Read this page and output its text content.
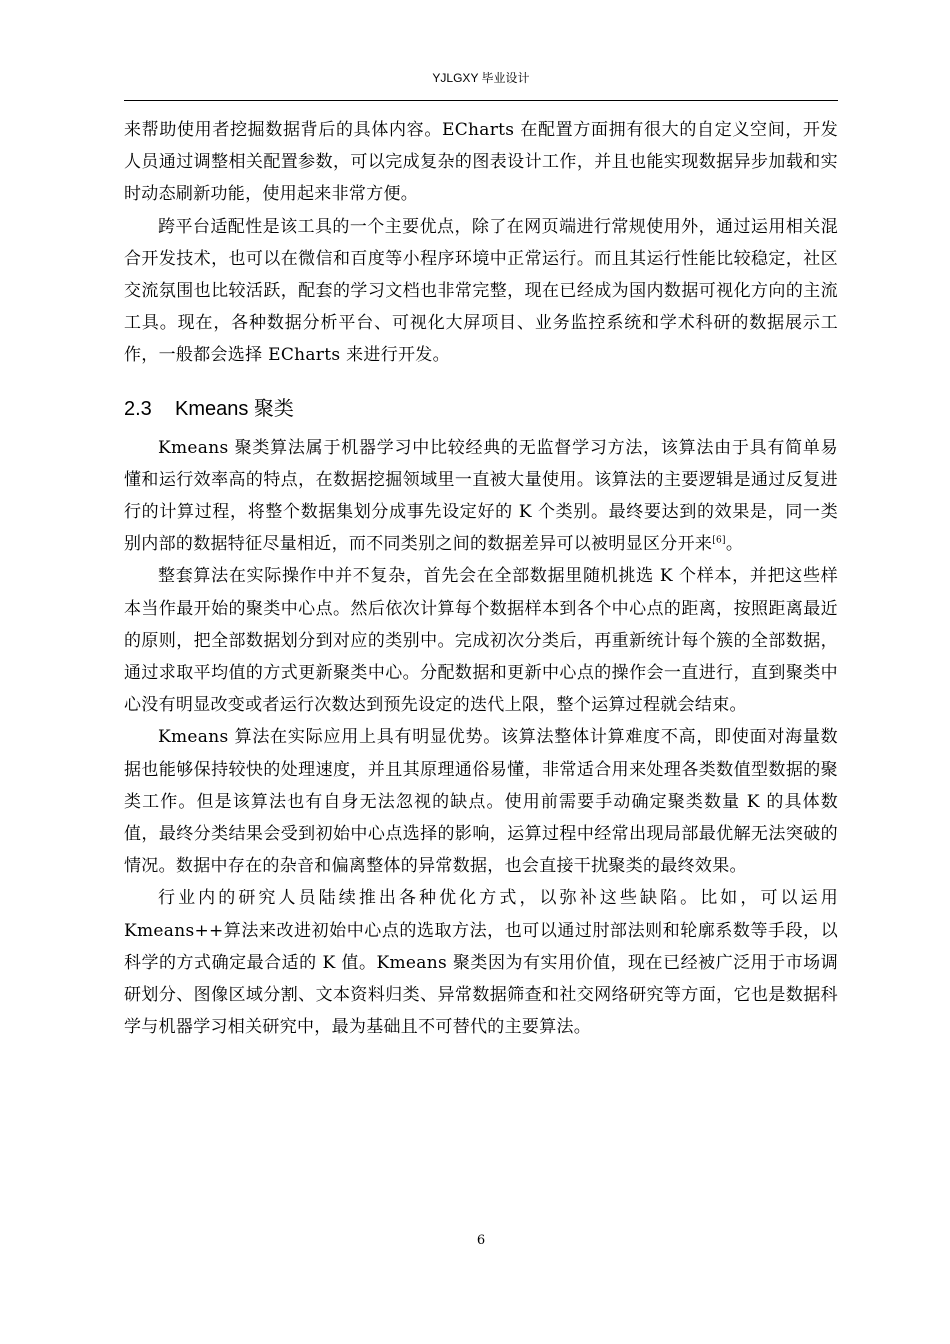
YJLGXY 毕业设计

来帮助使用者挖掘数据背后的具体内容。ECharts 在配置方面拥有很大的自定义空间，开发人员通过调整相关配置参数，可以完成复杂的图表设计工作，并且也能实现数据异步加载和实时动态刷新功能，使用起来非常方便。

跨平台适配性是该工具的一个主要优点，除了在网页端进行常规使用外，通过运用相关混合开发技术，也可以在微信和百度等小程序环境中正常运行。而且其运行性能比较稳定，社区交流氛围也比较活跃，配套的学习文档也非常完整，现在已经成为国内数据可视化方向的主流工具。现在，各种数据分析平台、可视化大屏项目、业务监控系统和学术科研的数据展示工作，一般都会选择 ECharts 来进行开发。

2.3 Kmeans 聚类

Kmeans 聚类算法属于机器学习中比较经典的无监督学习方法，该算法由于具有简单易懂和运行效率高的特点，在数据挖掘领域里一直被大量使用。该算法的主要逻辑是通过反复进行的计算过程，将整个数据集划分成事先设定好的 K 个类别。最终要达到的效果是，同一类别内部的数据特征尽量相近，而不同类别之间的数据差异可以被明显区分开来[6]。

整套算法在实际操作中并不复杂，首先会在全部数据里随机挑选 K 个样本，并把这些样本当作最开始的聚类中心点。然后依次计算每个数据样本到各个中心点的距离，按照距离最近的原则，把全部数据划分到对应的类别中。完成初次分类后，再重新统计每个簇的全部数据，通过求取平均值的方式更新聚类中心。分配数据和更新中心点的操作会一直进行，直到聚类中心没有明显改变或者运行次数达到预先设定的迭代上限，整个运算过程就会结束。

Kmeans 算法在实际应用上具有明显优势。该算法整体计算难度不高，即使面对海量数据也能够保持较快的处理速度，并且其原理通俗易懂，非常适合用来处理各类数值型数据的聚类工作。但是该算法也有自身无法忽视的缺点。使用前需要手动确定聚类数量 K 的具体数值，最终分类结果会受到初始中心点选择的影响，运算过程中经常出现局部最优解无法突破的情况。数据中存在的杂音和偏离整体的异常数据，也会直接干扰聚类的最终效果。

行业内的研究人员陆续推出各种优化方式，以弥补这些缺陷。比如，可以运用 Kmeans++算法来改进初始中心点的选取方法，也可以通过肘部法则和轮廓系数等手段，以科学的方式确定最合适的 K 值。Kmeans 聚类因为有实用价值，现在已经被广泛用于市场调研划分、图像区域分割、文本资料归类、异常数据筛查和社交网络研究等方面，它也是数据科学与机器学习相关研究中，最为基础且不可替代的主要算法。

6
